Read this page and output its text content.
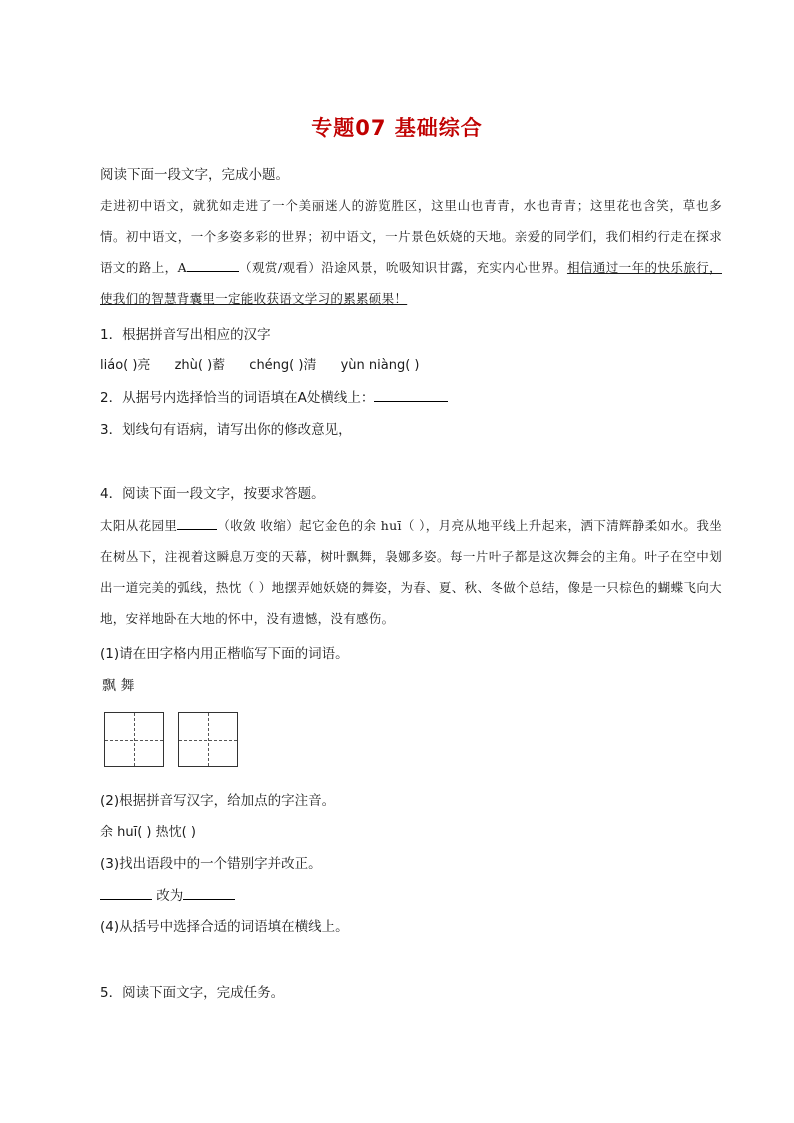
专题07 基础综合
阅读下面一段文字，完成小题。
走进初中语文，就犹如走进了一个美丽迷人的游览胜区，这里山也青青，水也青青；这里花也含笑，草也多情。初中语文，一个多姿多彩的世界；初中语文，一片景色妖娆的天地。亲爱的同学们，我们相约行走在探求语文的路上，A	（观赏/观看）沿途风景，吮吸知识甘露，充实内心世界。相信通过一年的快乐旅行，使我们的智慧背囊里一定能收获语文学习的累累硕果！
1．根据拼音写出相应的汉字
liáo( )亮 zhù( )蓄 chéng( )清 yùn niàng( )
2．从据号内选择恰当的词语填在A处横线上：
3．划线句有语病，请写出你的修改意见，
4．阅读下面一段文字，按要求答题。
太阳从花园里	（收敛 收缩）起它金色的余 huī（ ），月亮从地平线上升起来，洒下清辉静柔如水。我坐在树丛下，注视着这瞬息万变的天幕，树叶飘舞，袅娜多姿。每一片叶子都是这次舞会的主角。叶子在空中划出一道完美的弧线，热忱（ ）地摆弄她妖娆的舞姿，为春、夏、秋、冬做个总结，像是一只棕色的蝴蝶飞向大地，安祥地卧在大地的怀中，没有遗憾，没有感伤。
(1)请在田字格内用正楷临写下面的词语。
飘 舞
(2)根据拼音写汉字，给加点的字注音。
余 huī( ) 热忱( )
(3)找出语段中的一个错别字并改正。
改为
(4)从括号中选择合适的词语填在横线上。
5．阅读下面文字，完成任务。
